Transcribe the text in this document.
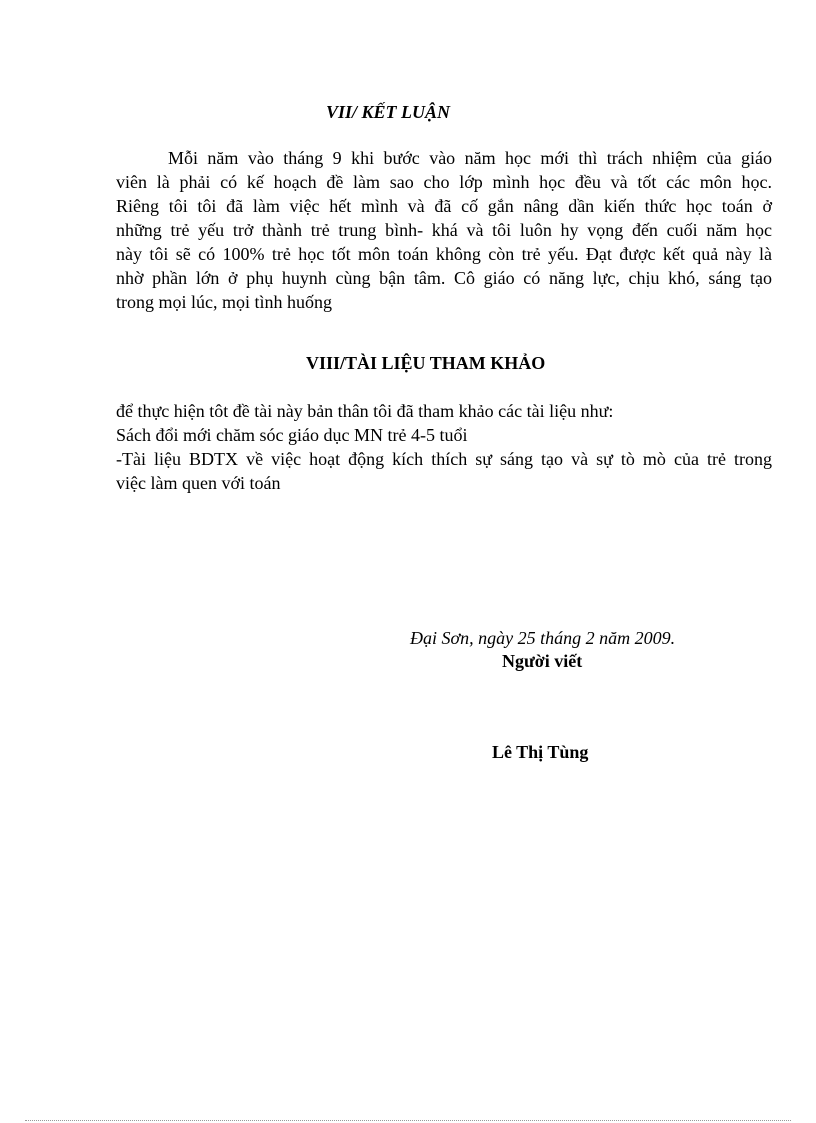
VII/ KẾT LUẬN
Mỗi năm vào tháng 9 khi bước vào năm học mới thì trách nhiệm của giáo
viên là phải có kế hoạch đề làm sao cho lớp mình học đều và tốt các môn học.
Riêng tôi tôi đã làm việc hết mình và đã cố gắn nâng dần kiến thức học toán ở
những trẻ yếu trở thành trẻ trung bình- khá và tôi luôn hy vọng đến cuối năm học
này tôi sẽ có 100% trẻ học tốt môn toán không còn trẻ yếu. Đạt được kết quả này là
nhờ phần lớn ở phụ huynh cùng bận tâm. Cô giáo có năng lực, chịu khó, sáng tạo
trong mọi lúc, mọi tình huống
VIII/TÀI LIỆU THAM KHẢO
để thực hiện tôt đề tài này bản thân tôi đã tham khảo các tài liệu như:
Sách đổi mới chăm sóc giáo dục MN trẻ 4-5 tuổi
-Tài liệu BDTX về việc hoạt động kích thích sự sáng tạo và sự tò mò của trẻ trong
việc làm quen với toán
Đại Sơn, ngày 25 tháng 2 năm 2009.
Người viết
Lê Thị Tùng
